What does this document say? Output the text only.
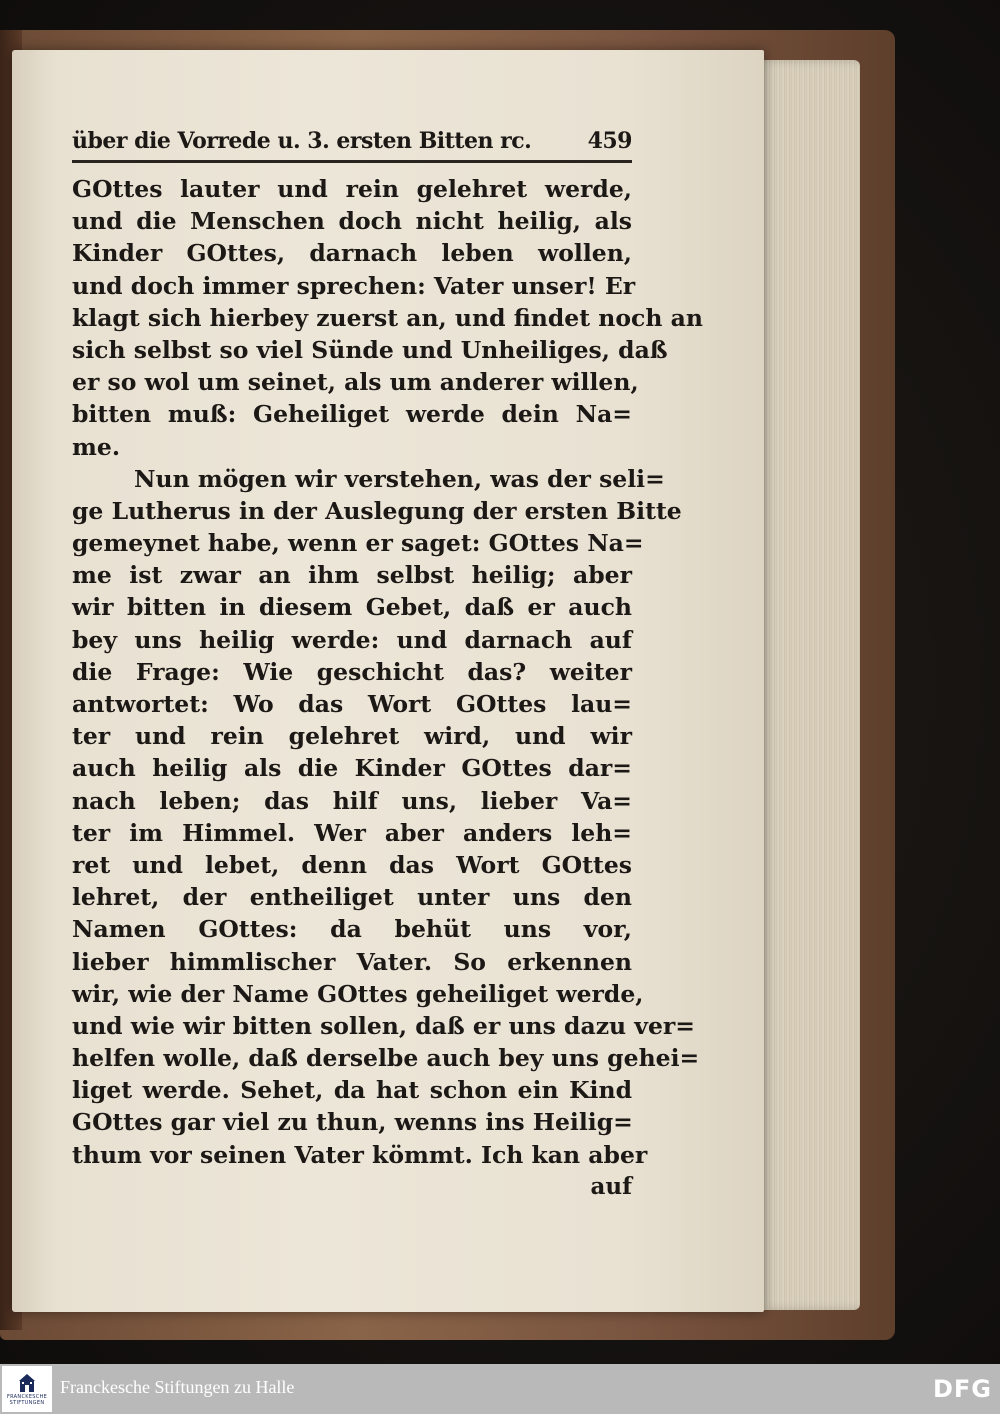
über die Vorrede u. 3. ersten Bitten rc.	459
GOttes lauter und rein gelehret werde,
und die Menschen doch nicht heilig, als
Kinder GOttes, darnach leben wollen,
und doch immer sprechen: Vater unser! Er
klagt sich hierbey zuerst an, und findet noch an
sich selbst so viel Sünde und Unheiliges, daß
er so wol um seinet, als um anderer willen,
bitten muß: Geheiliget werde dein Na=
me.
Nun mögen wir verstehen, was der seli=
ge Lutherus in der Auslegung der ersten Bitte
gemeynet habe, wenn er saget: GOttes Na=
me ist zwar an ihm selbst heilig; aber
wir bitten in diesem Gebet, daß er auch
bey uns heilig werde: und darnach auf
die Frage: Wie geschicht das? weiter
antwortet: Wo das Wort GOttes lau=
ter und rein gelehret wird, und wir
auch heilig als die Kinder GOttes dar=
nach leben; das hilf uns, lieber Va=
ter im Himmel. Wer aber anders leh=
ret und lebet, denn das Wort GOttes
lehret, der entheiliget unter uns den
Namen GOttes: da behüt uns vor,
lieber himmlischer Vater. So erkennen
wir, wie der Name GOttes geheiliget werde,
und wie wir bitten sollen, daß er uns dazu ver=
helfen wolle, daß derselbe auch bey uns gehei=
liget werde. Sehet, da hat schon ein Kind
GOttes gar viel zu thun, wenns ins Heilig=
thum vor seinen Vater kömmt. Ich kan aber
auf
FRANCKESCHE
STIFTUNGEN
Franckesche Stiftungen zu Halle	DFG
